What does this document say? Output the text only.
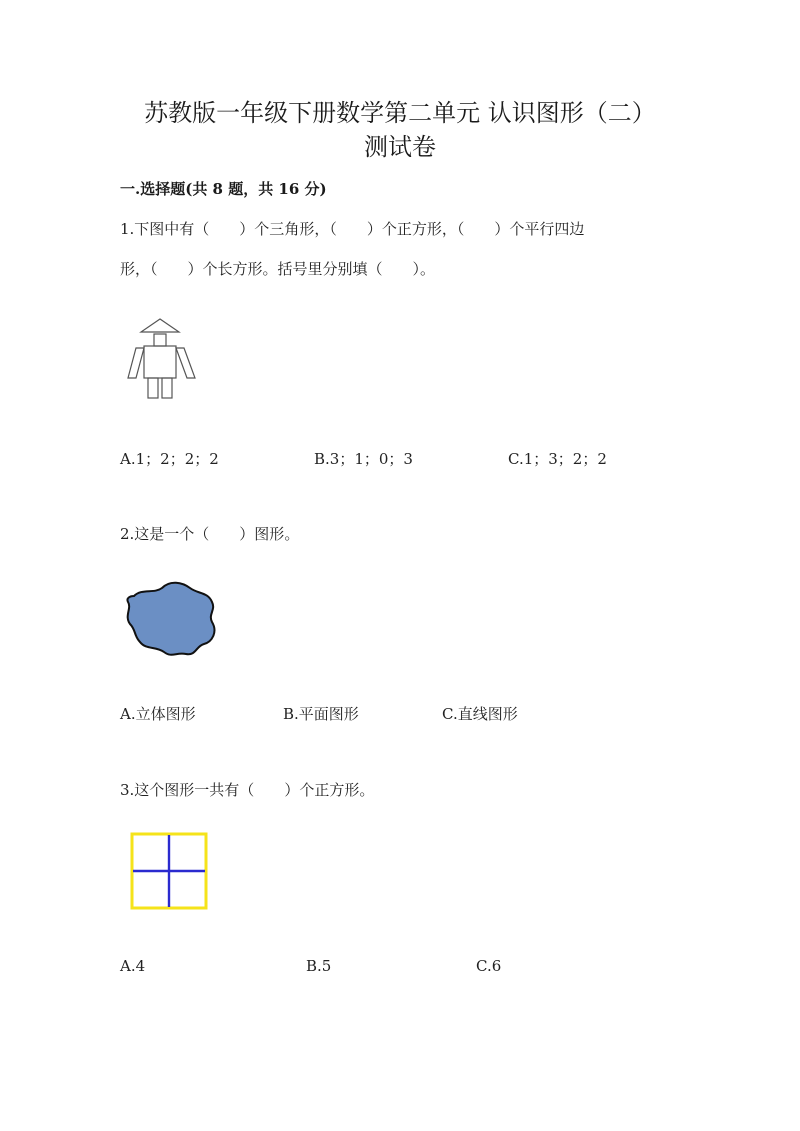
苏教版一年级下册数学第二单元 认识图形（二）
测试卷
一.选择题(共 8 题，共 16 分)
1.下图中有（　　）个三角形，（　　）个正方形，（　　）个平行四边
形，（　　）个长方形。括号里分别填（　　）。
A.1；2；2；2	B.3；1；0；3	C.1；3；2；2
2.这是一个（　　）图形。
A.立体图形	B.平面图形	C.直线图形
3.这个图形一共有（　　）个正方形。
A.4	B.5	C.6
